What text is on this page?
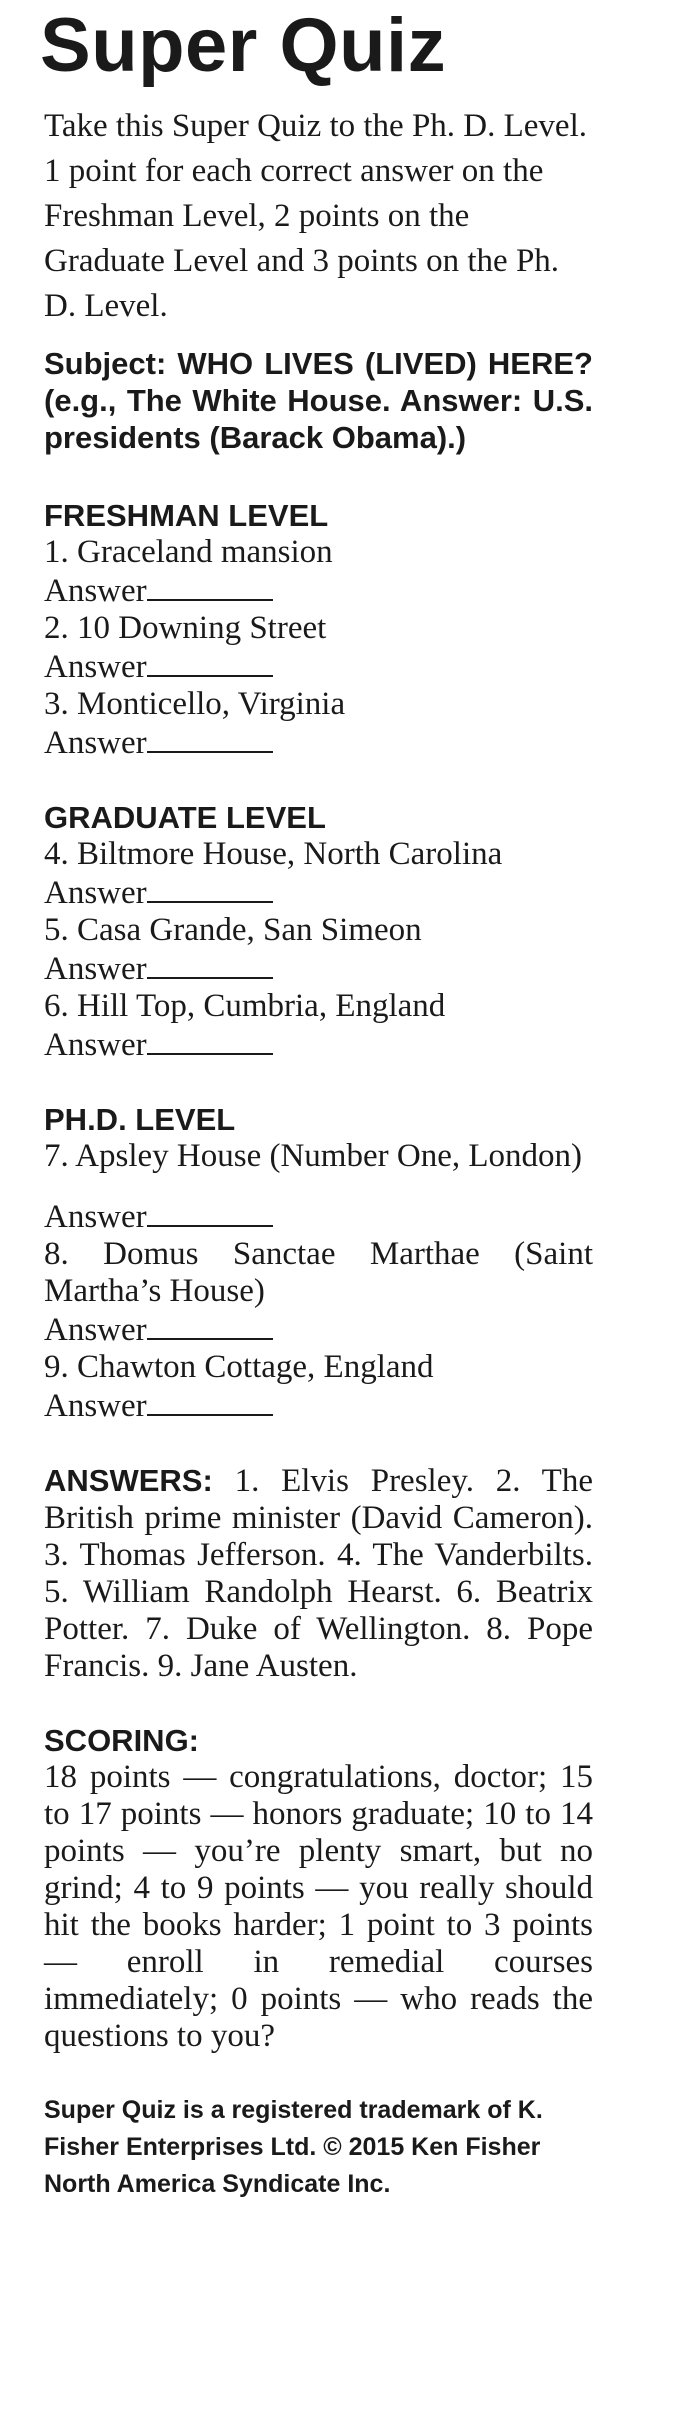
Super Quiz

Take this Super Quiz to the Ph. D. Level. 1 point for each correct answer on the Freshman Level, 2 points on the Graduate Level and 3 points on the Ph. D. Level.

Subject: WHO LIVES (LIVED) HERE? (e.g., The White House. Answer: U.S. presidents (Barack Obama).)

FRESHMAN LEVEL

1. Graceland mansion

Answer

2. 10 Downing Street

Answer

3. Monticello, Virginia

Answer

GRADUATE LEVEL

4. Biltmore House, North Carolina

Answer

5. Casa Grande, San Simeon

Answer

6. Hill Top, Cumbria, England

Answer

PH.D. LEVEL

7. Apsley House (Number One, London)

Answer

8. Domus Sanctae Marthae (Saint Martha’s House)

Answer

9. Chawton Cottage, England

Answer

ANSWERS: 1. Elvis Presley. 2. The British prime minister (David Cameron). 3. Thomas Jefferson. 4. The Vanderbilts. 5. William Randolph Hearst. 6. Beatrix Potter. 7. Duke of Wellington. 8. Pope Francis. 9. Jane Austen.

SCORING:

18 points — congratulations, doctor; 15 to 17 points — honors graduate; 10 to 14 points — you’re plenty smart, but no grind; 4 to 9 points — you really should hit the books harder; 1 point to 3 points — enroll in remedial courses immediately; 0 points — who reads the questions to you?

Super Quiz is a registered trademark of K. Fisher Enterprises Ltd. © 2015 Ken Fisher

North America Syndicate Inc.
